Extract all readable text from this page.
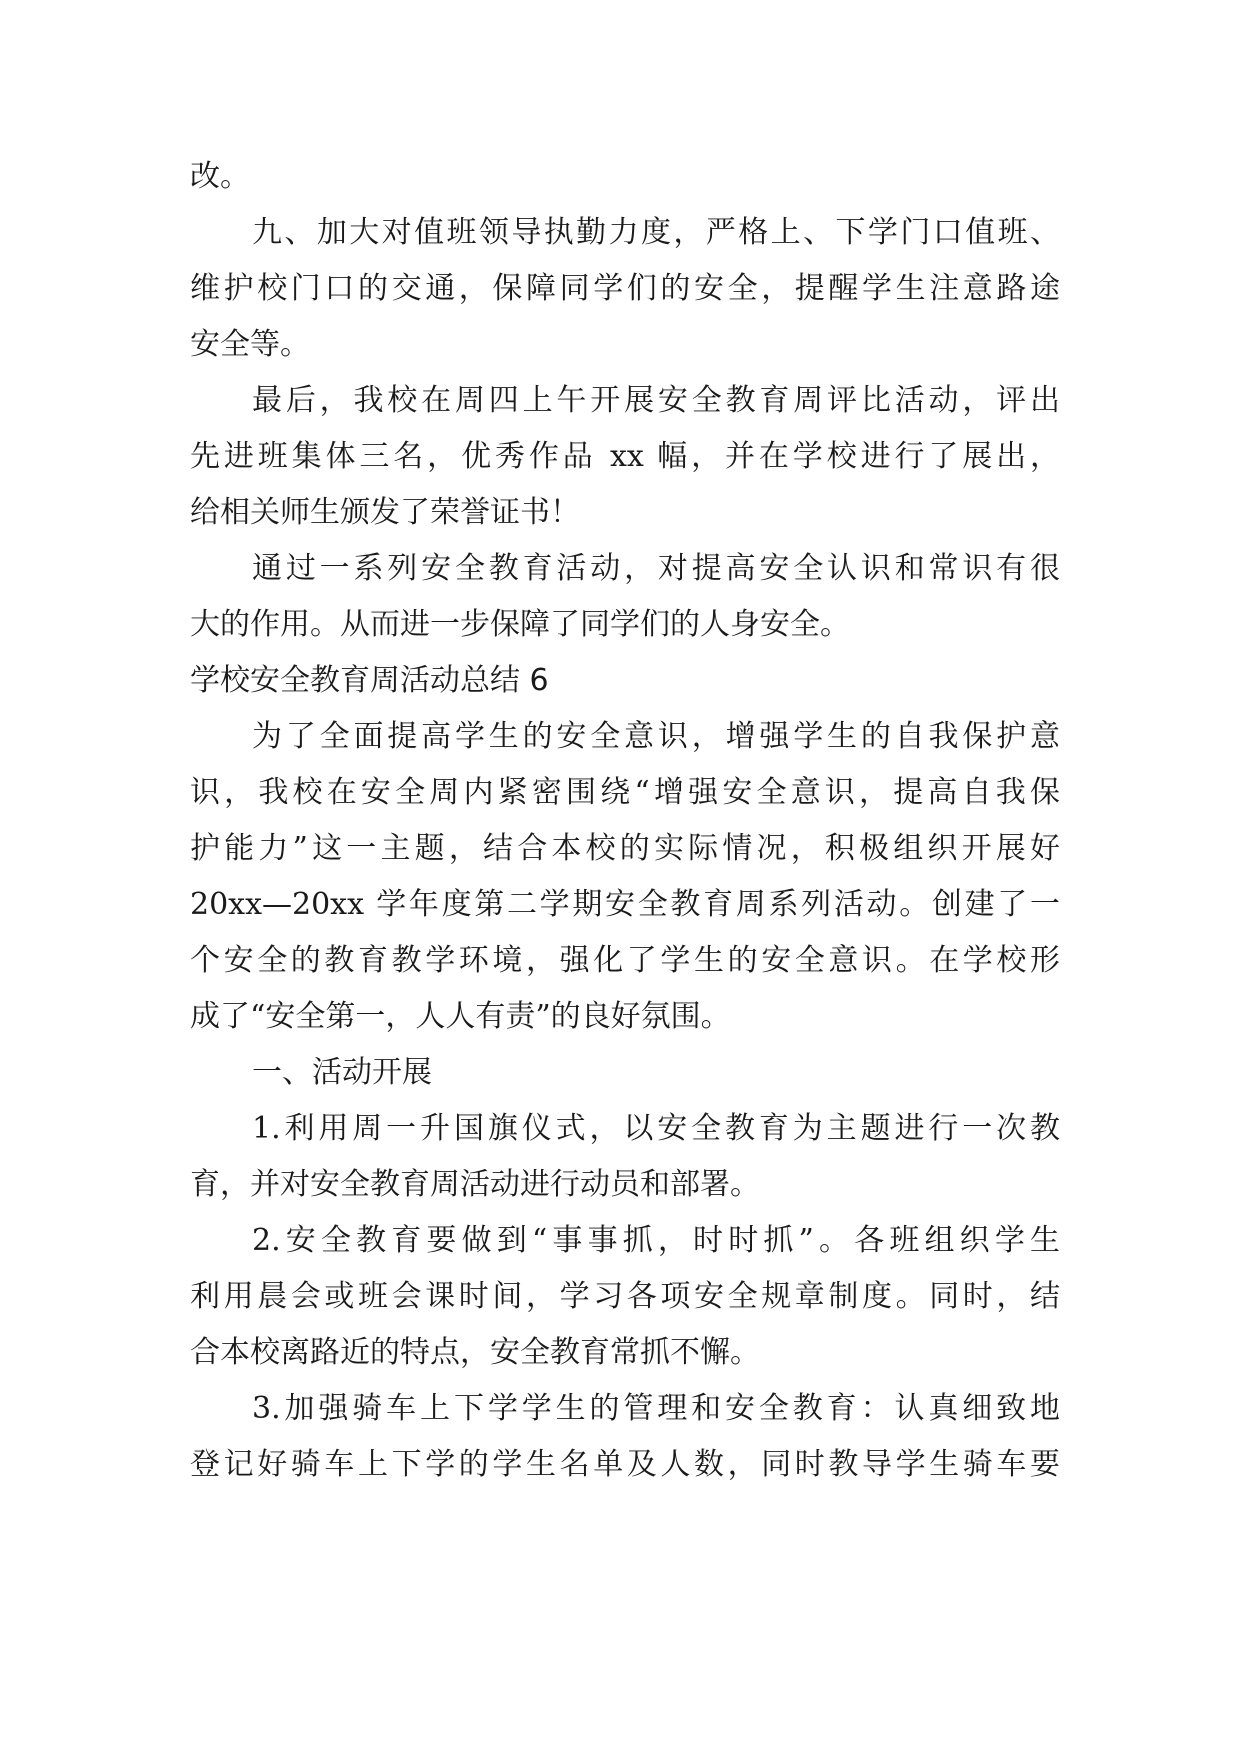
改。
九、加大对值班领导执勤力度，严格上、下学门口值班、
维护校门口的交通，保障同学们的安全，提醒学生注意路途
安全等。
最后，我校在周四上午开展安全教育周评比活动，评出
先进班集体三名，优秀作品 xx 幅，并在学校进行了展出，
给相关师生颁发了荣誉证书！
通过一系列安全教育活动，对提高安全认识和常识有很
大的作用。从而进一步保障了同学们的人身安全。
学校安全教育周活动总结 6
为了全面提高学生的安全意识，增强学生的自我保护意
识，我校在安全周内紧密围绕“增强安全意识，提高自我保
护能力”这一主题，结合本校的实际情况，积极组织开展好
20xx—20xx 学年度第二学期安全教育周系列活动。创建了一
个安全的教育教学环境，强化了学生的安全意识。在学校形
成了“安全第一，人人有责”的良好氛围。
一、活动开展
1.利用周一升国旗仪式，以安全教育为主题进行一次教
育，并对安全教育周活动进行动员和部署。
2.安全教育要做到“事事抓，时时抓”。各班组织学生
利用晨会或班会课时间，学习各项安全规章制度。同时，结
合本校离路近的特点，安全教育常抓不懈。
3.加强骑车上下学学生的管理和安全教育：认真细致地
登记好骑车上下学的学生名单及人数，同时教导学生骑车要
